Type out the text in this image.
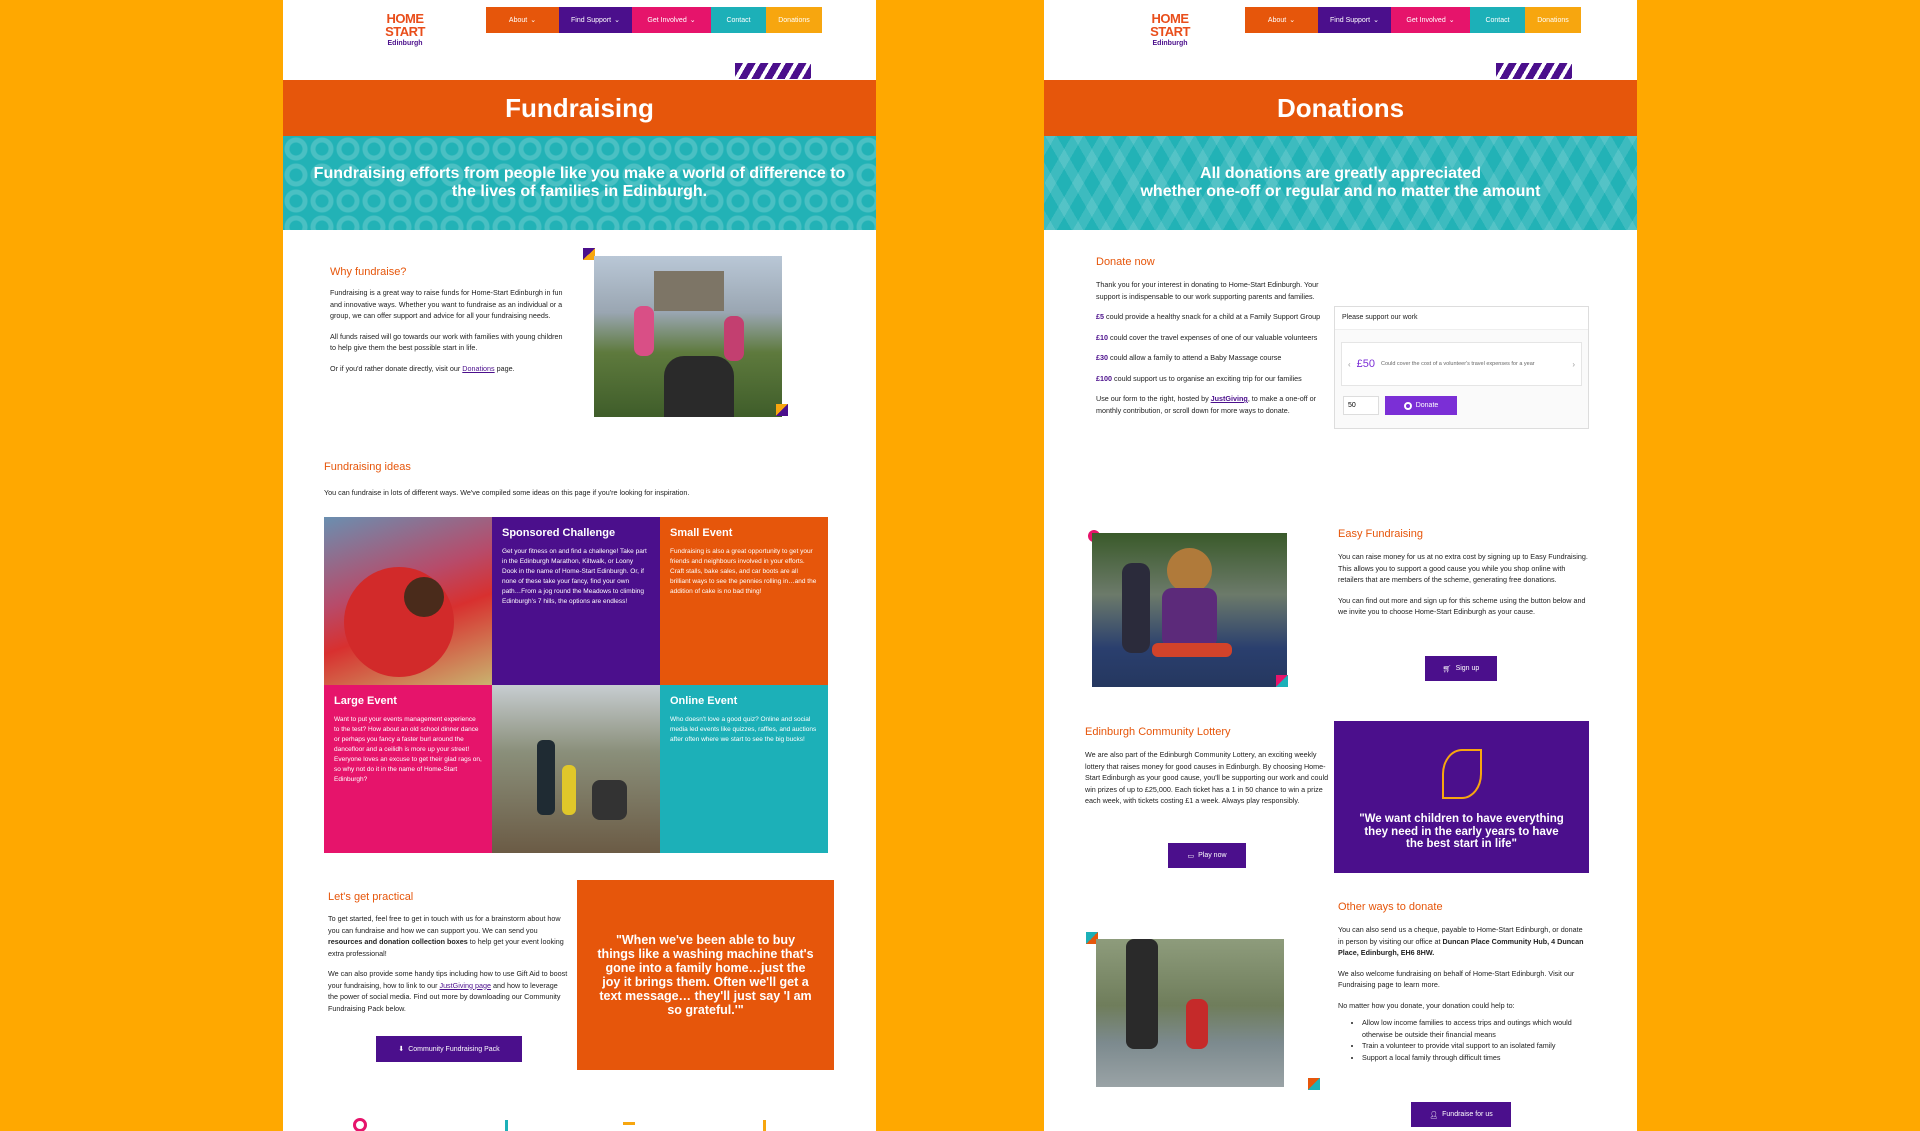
HOME START
Edinburgh
About ⌄	Find Support ⌄	Get Involved ⌄	Contact	Donations
Fundraising
Fundraising efforts from people like you make a world of difference to the lives of families in Edinburgh.
Why fundraise?

Fundraising is a great way to raise funds for Home-Start Edinburgh in fun and innovative ways. Whether you want to fundraise as an individual or a group, we can offer support and advice for all your fundraising needs.

All funds raised will go towards our work with families with young children to help give them the best possible start in life.

Or if you'd rather donate directly, visit our Donations page.

Fundraising ideas
You can fundraise in lots of different ways. We've compiled some ideas on this page if you're looking for inspiration.
Sponsored Challenge
Get your fitness on and find a challenge! Take part in the Edinburgh Marathon, Kiltwalk, or Loony Dook in the name of Home-Start Edinburgh. Or, if none of these take your fancy, find your own path…From a jog round the Meadows to climbing Edinburgh's 7 hills, the options are endless!
Small Event
Fundraising is also a great opportunity to get your friends and neighbours involved in your efforts. Craft stalls, bake sales, and car boots are all brilliant ways to see the pennies rolling in…and the addition of cake is no bad thing!
Large Event
Want to put your events management experience to the test? How about an old school dinner dance or perhaps you fancy a faster burl around the dancefloor and a ceilidh is more up your street! Everyone loves an excuse to get their glad rags on, so why not do it in the name of Home-Start Edinburgh?
Online Event
Who doesn't love a good quiz? Online and social media led events like quizzes, raffles, and auctions after often where we start to see the big bucks!
Let's get practical

To get started, feel free to get in touch with us for a brainstorm about how you can fundraise and how we can support you. We can send you resources and donation collection boxes to help get your event looking extra professional!

We can also provide some handy tips including how to use Gift Aid to boost your fundraising, how to link to our JustGiving page and how to leverage the power of social media. Find out more by downloading our Community Fundraising Pack below.

⬇ Community Fundraising Pack
"When we've been able to buy things like a washing machine that's gone into a family home…just the joy it brings them. Often we'll get a text message… they'll just say 'I am so grateful.'"
HOME START
Edinburgh
About ⌄	Find Support ⌄	Get Involved ⌄	Contact	Donations
Donations
All donations are greatly appreciated
whether one-off or regular and no matter the amount
Donate now

Thank you for your interest in donating to Home-Start Edinburgh. Your support is indispensable to our work supporting parents and families.

£5 could provide a healthy snack for a child at a Family Support Group

£10 could cover the travel expenses of one of our valuable volunteers

£30 could allow a family to attend a Baby Massage course

£100 could support us to organise an exciting trip for our families

Use our form to the right, hosted by JustGiving, to make a one-off or monthly contribution, or scroll down for more ways to donate.

Please support our work
‹ £50 Could cover the cost of a volunteer's travel expenses for a year	›
50
Donate
Easy Fundraising

You can raise money for us at no extra cost by signing up to Easy Fundraising. This allows you to support a good cause you while you shop online with retailers that are members of the scheme, generating free donations.

You can find out more and sign up for this scheme using the button below and we invite you to choose Home-Start Edinburgh as your cause.

🛒︎ Sign up
Edinburgh Community Lottery
We are also part of the Edinburgh Community Lottery, an exciting weekly lottery that raises money for good causes in Edinburgh. By choosing Home-Start Edinburgh as your good cause, you'll be supporting our work and could win prizes of up to £25,000. Each ticket has a 1 in 50 chance to win a prize each week, with tickets costing £1 a week. Always play responsibly.
▭ Play now
"We want children to have everything they need in the early years to have the best start in life"
Other ways to donate

You can also send us a cheque, payable to Home-Start Edinburgh, or donate in person by visiting our office at Duncan Place Community Hub, 4 Duncan Place, Edinburgh, EH6 8HW.

We also welcome fundraising on behalf of Home-Start Edinburgh. Visit our Fundraising page to learn more.

No matter how you donate, your donation could help to:

• Allow low income families to access trips and outings which would otherwise be outside their financial means
• Train a volunteer to provide vital support to an isolated family
• Support a local family through difficult times
👤︎ Fundraise for us
